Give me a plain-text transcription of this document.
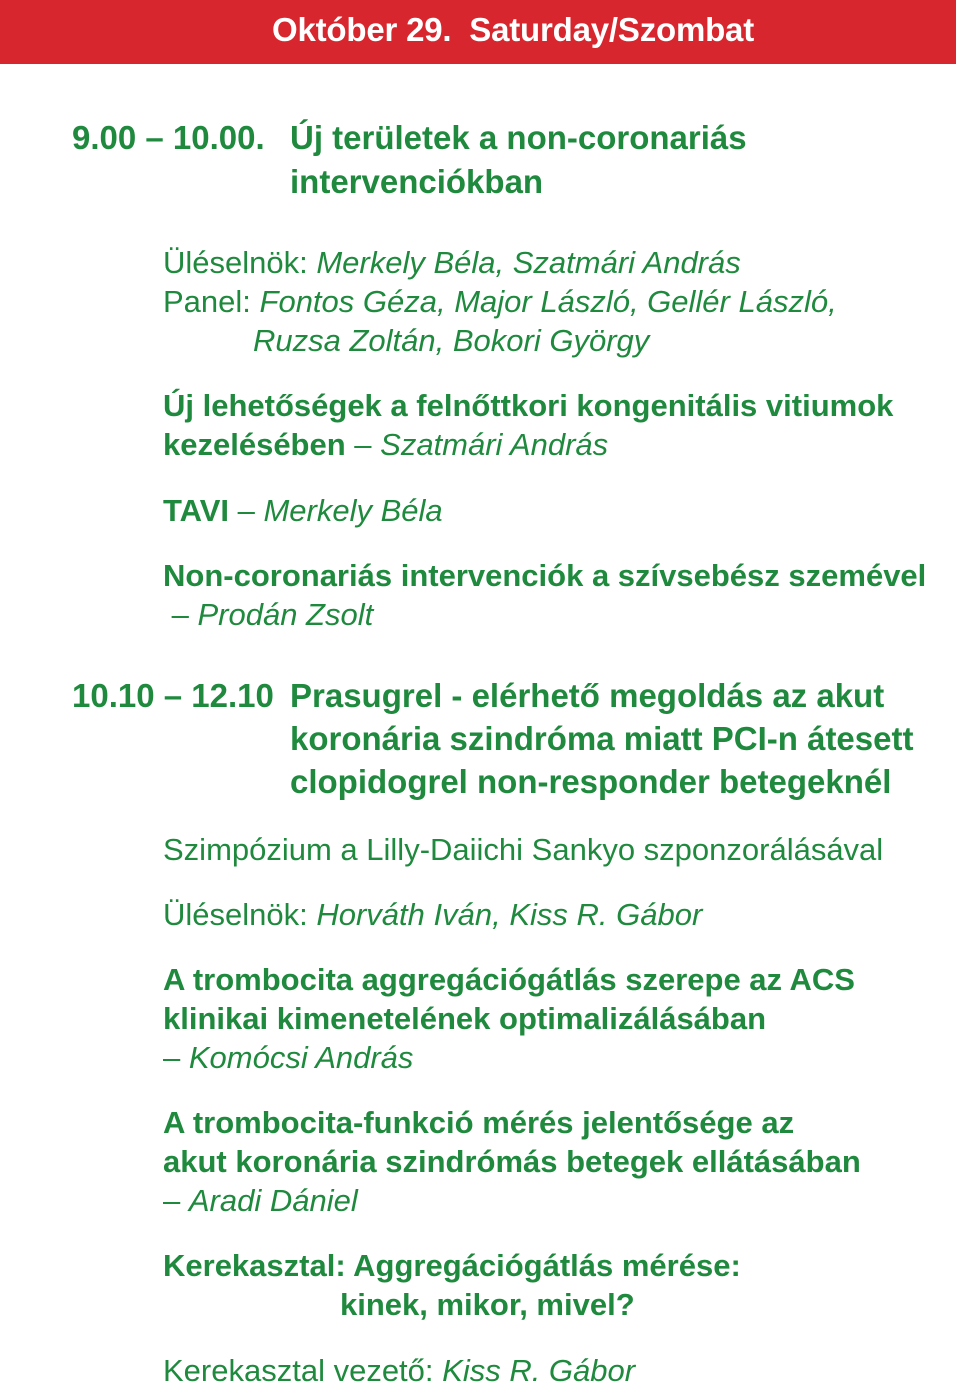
Október 29.  Saturday/Szombat
9.00 – 10.00. Új területek a non-coronariás
intervenciókban
Üléselnök: Merkely Béla, Szatmári András
Panel: Fontos Géza, Major László, Gellér László,
Ruzsa Zoltán, Bokori György
Új lehetőségek a felnőttkori kongenitális vitiumok
kezelésében – Szatmári András
TAVI – Merkely Béla
Non-coronariás intervenciók a szívsebész szemével
– Prodán Zsolt
10.10 – 12.10 Prasugrel - elérhető megoldás az akut
koronária szindróma miatt PCI-n átesett
clopidogrel non-responder betegeknél
Szimpózium a Lilly-Daiichi Sankyo szponzorálásával
Üléselnök: Horváth Iván, Kiss R. Gábor
A trombocita aggregációgátlás szerepe az ACS
klinikai kimenetelének optimalizálásában
– Komócsi András
A trombocita-funkció mérés jelentősége az
akut koronária szindrómás betegek ellátásában
– Aradi Dániel
Kerekasztal: Aggregációgátlás mérése:
kinek, mikor, mivel?
Kerekasztal vezető: Kiss R. Gábor
